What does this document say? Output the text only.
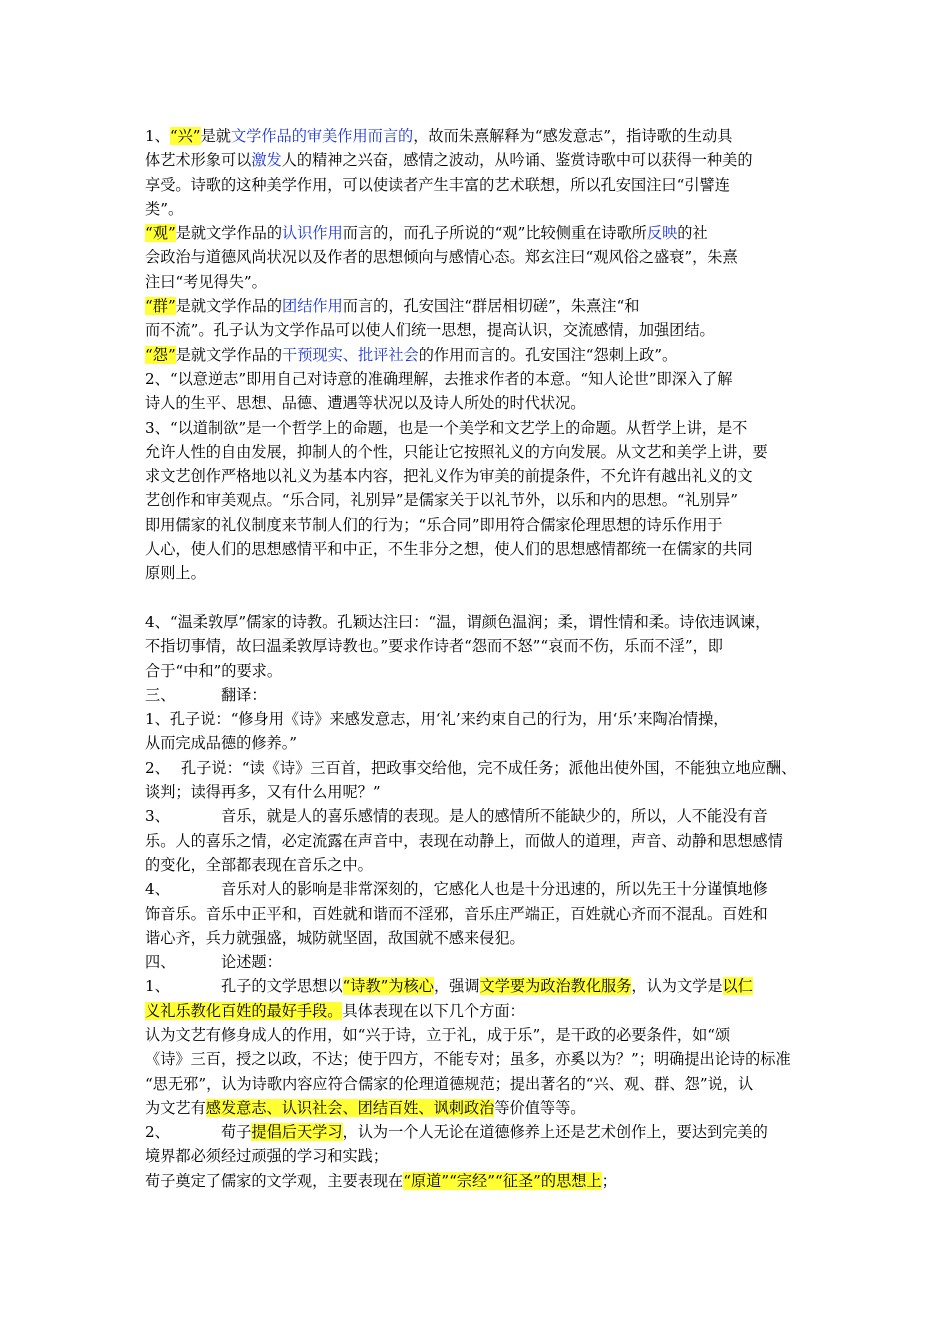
1、“兴”是就文学作品的审美作用而言的，故而朱熹解释为“感发意志”，指诗歌的生动具
体艺术形象可以激发人的精神之兴奋，感情之波动，从吟诵、鉴赏诗歌中可以获得一种美的
享受。诗歌的这种美学作用，可以使读者产生丰富的艺术联想，所以孔安国注曰“引譬连
类”。
“观”是就文学作品的认识作用而言的，而孔子所说的“观”比较侧重在诗歌所反映的社
会政治与道德风尚状况以及作者的思想倾向与感情心态。郑玄注曰“观风俗之盛衰”，朱熹
注曰“考见得失”。
“群”是就文学作品的团结作用而言的，孔安国注“群居相切磋”，朱熹注“和
而不流”。孔子认为文学作品可以使人们统一思想，提高认识，交流感情，加强团结。
“怨”是就文学作品的干预现实、批评社会的作用而言的。孔安国注“怨刺上政”。
2、“以意逆志”即用自己对诗意的准确理解，去推求作者的本意。“知人论世”即深入了解
诗人的生平、思想、品德、遭遇等状况以及诗人所处的时代状况。
3、“以道制欲”是一个哲学上的命题，也是一个美学和文艺学上的命题。从哲学上讲，是不
允许人性的自由发展，抑制人的个性，只能让它按照礼义的方向发展。从文艺和美学上讲，要
求文艺创作严格地以礼义为基本内容，把礼义作为审美的前提条件，不允许有越出礼义的文
艺创作和审美观点。“乐合同，礼别异”是儒家关于以礼节外，以乐和内的思想。“礼别异”
即用儒家的礼仪制度来节制人们的行为；“乐合同”即用符合儒家伦理思想的诗乐作用于
人心，使人们的思想感情平和中正，不生非分之想，使人们的思想感情都统一在儒家的共同
原则上。
4、“温柔敦厚”儒家的诗教。孔颖达注曰：“温，谓颜色温润；柔，谓性情和柔。诗依违讽谏，
不指切事情，故曰温柔敦厚诗教也。”要求作诗者“怨而不怒”“哀而不伤，乐而不淫”，即
合于“中和”的要求。
三、	翻译：
1、孔子说：“修身用《诗》来感发意志，用‘礼’来约束自己的行为，用‘乐’来陶冶情操，
从而完成品德的修养。”
2、 孔子说：“读《诗》三百首，把政事交给他，完不成任务；派他出使外国，不能独立地应酬、
谈判；读得再多，又有什么用呢？”
3、	音乐，就是人的喜乐感情的表现。是人的感情所不能缺少的，所以，人不能没有音
乐。人的喜乐之情，必定流露在声音中，表现在动静上，而做人的道理，声音、动静和思想感情
的变化，全部都表现在音乐之中。
4、	音乐对人的影响是非常深刻的，它感化人也是十分迅速的，所以先王十分谨慎地修
饰音乐。音乐中正平和，百姓就和谐而不淫邪，音乐庄严端正，百姓就心齐而不混乱。百姓和
谐心齐，兵力就强盛，城防就坚固，敌国就不感来侵犯。
四、	论述题：
1、	孔子的文学思想以“诗教”为核心，强调文学要为政治教化服务，认为文学是以仁
义礼乐教化百姓的最好手段。具体表现在以下几个方面：
认为文艺有修身成人的作用，如“兴于诗，立于礼，成于乐”，是干政的必要条件，如“颂
《诗》三百，授之以政，不达；使于四方，不能专对；虽多，亦奚以为？”；明确提出论诗的标准
“思无邪”，认为诗歌内容应符合儒家的伦理道德规范；提出著名的“兴、观、群、怨”说，认
为文艺有感发意志、认识社会、团结百姓、讽刺政治等价值等等。
2、	荀子提倡后天学习，认为一个人无论在道德修养上还是艺术创作上，要达到完美的
境界都必须经过顽强的学习和实践；
荀子奠定了儒家的文学观，主要表现在“原道”“宗经”“征圣”的思想上；
